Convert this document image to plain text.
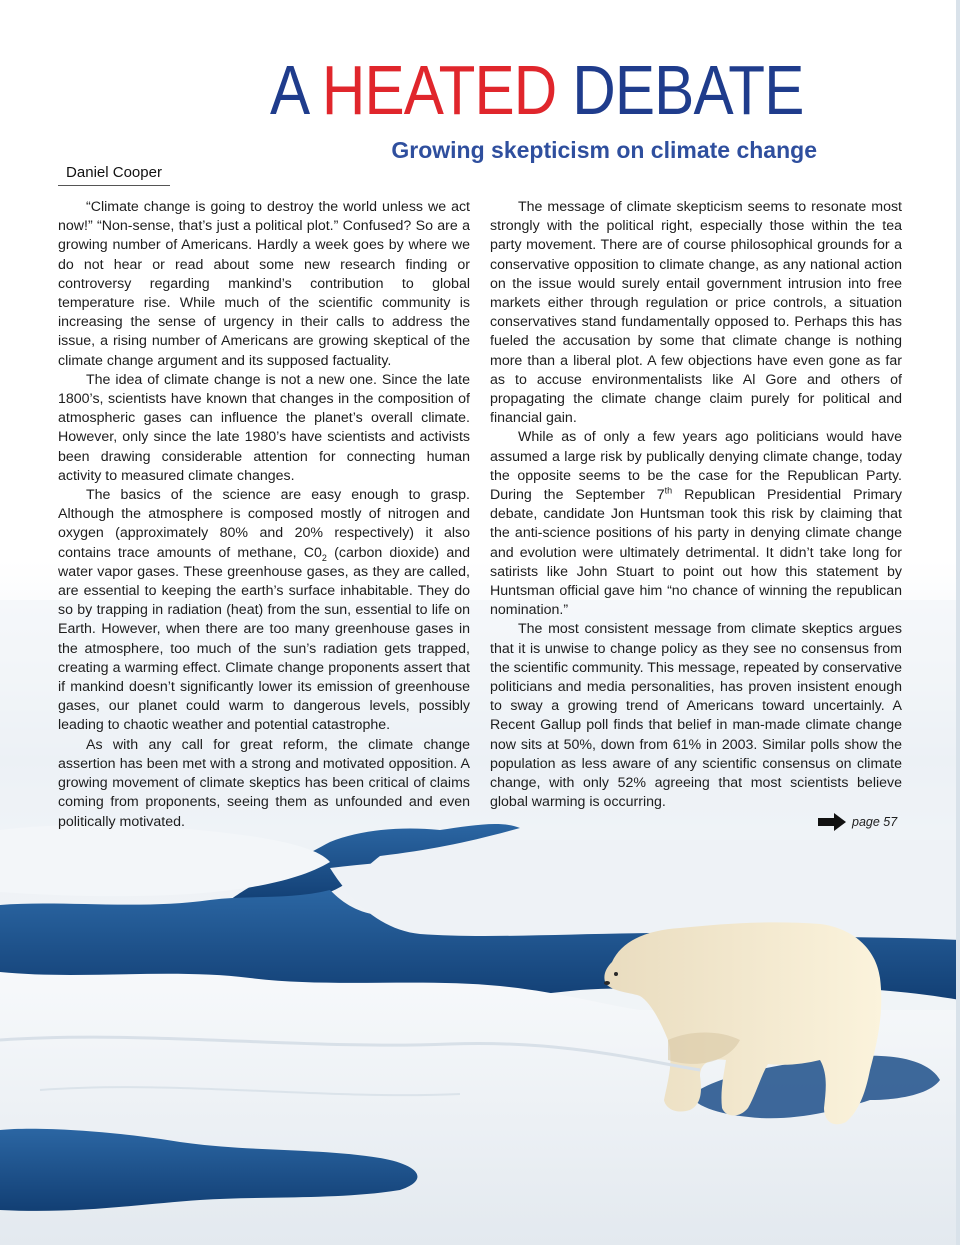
A HEATED DEBATE
Growing skepticism on climate change
Daniel Cooper

“Climate change is going to destroy the world unless we act now!” “Non-sense, that’s just a political plot.” Confused? So are a growing number of Americans. Hardly a week goes by where we do not hear or read about some new research finding or controversy regarding mankind’s contribution to global temperature rise. While much of the scientific community is increasing the sense of urgency in their calls to address the issue, a rising number of Americans are growing skeptical of the climate change argument and its supposed factuality.

The idea of climate change is not a new one. Since the late 1800’s, scientists have known that changes in the composition of atmospheric gases can influence the planet’s overall climate. However, only since the late 1980’s have scientists and activists been drawing considerable attention for connecting human activity to measured climate changes.

The basics of the science are easy enough to grasp. Although the atmosphere is composed mostly of nitrogen and oxygen (approximately 80% and 20% respectively) it also contains trace amounts of methane, $C0_2$ (carbon dioxide) and water vapor gases. These greenhouse gases, as they are called, are essential to keeping the earth’s surface inhabitable. They do so by trapping in radiation (heat) from the sun, essential to life on Earth. However, when there are too many greenhouse gases in the atmosphere, too much of the sun’s radiation gets trapped, creating a warming effect. Climate change proponents assert that if mankind doesn’t significantly lower its emission of greenhouse gases, our planet could warm to dangerous levels, possibly leading to chaotic weather and potential catastrophe.

As with any call for great reform, the climate change assertion has been met with a strong and motivated opposition. A growing movement of climate skeptics has been critical of claims coming from proponents, seeing them as unfounded and even politically motivated.

The message of climate skepticism seems to resonate most strongly with the political right, especially those within the tea party movement. There are of course philosophical grounds for a conservative opposition to climate change, as any national action on the issue would surely entail government intrusion into free markets either through regulation or price controls, a situation conservatives stand fundamentally opposed to. Perhaps this has fueled the accusation by some that climate change is nothing more than a liberal plot. A few objections have even gone as far as to accuse environmentalists like Al Gore and others of propagating the climate change claim purely for political and financial gain.

While as of only a few years ago politicians would have assumed a large risk by publically denying climate change, today the opposite seems to be the case for the Republican Party. During the September 7th Republican Presidential Primary debate, candidate Jon Huntsman took this risk by claiming that the anti-science positions of his party in denying climate change and evolution were ultimately detrimental. It didn’t take long for satirists like John Stuart to point out how this statement by Huntsman official gave him “no chance of winning the republican nomination.”

The most consistent message from climate skeptics argues that it is unwise to change policy as they see no consensus from the scientific community. This message, repeated by conservative politicians and media personalities, has proven insistent enough to sway a growing trend of Americans toward uncertainly. A Recent Gallup poll finds that belief in man-made climate change now sits at 50%, down from 61% in 2003. Similar polls show the population as less aware of any scientific consensus on climate change, with only 52% agreeing that most scientists believe global warming is occurring.

page 57
